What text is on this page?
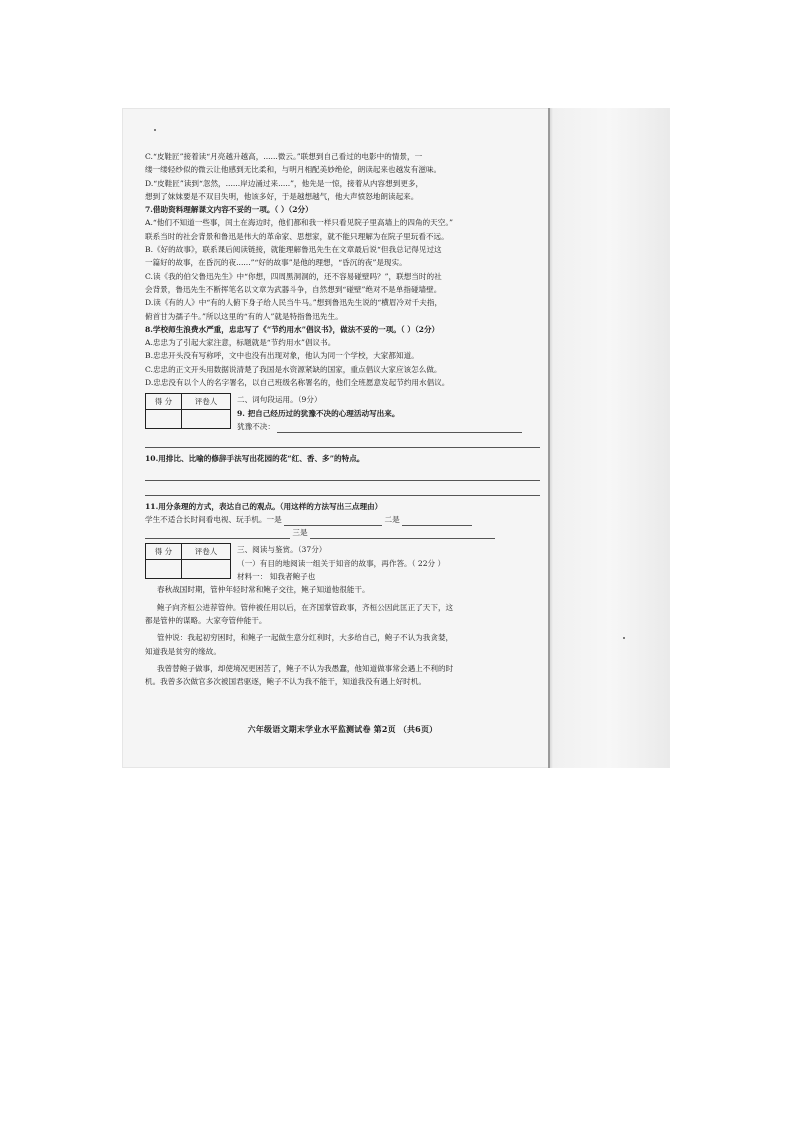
C.“皮鞋匠”接着读“月亮越升越高，......微云。”联想到自己看过的电影中的情景，一
缕一缕轻纱似的微云让他感到无比柔和，与明月相配美妙绝伦，朗读起来也越发有滋味。
D.“皮鞋匠”读到“忽然，......岸边涌过来.....”，他先是一惊，接着从内容想到更多，
想到了妹妹要是不双目失明，他该多好，于是越想越气，他大声愤怒地朗读起来。
7.借助资料理解课文内容不妥的一项。（ ）（2分）
A.“他们不知道一些事，闰土在海边时，他们都和我一样只看见院子里高墙上的四角的天空。”
联系当时的社会背景和鲁迅是伟大的革命家、思想家，就不能只理解为在院子里玩看不远。
B.《好的故事》，联系课后阅读链接，就能理解鲁迅先生在文章最后说“但我总记得见过这
一篇好的故事，在昏沉的夜......”“好的故事”是他的理想，“昏沉的夜”是现实。
C.读《我的伯父鲁迅先生》中“你想，四周黑洞洞的，还不容易碰壁吗？”，联想当时的社
会背景，鲁迅先生不断挥笔名以文章为武器斗争，自然想到“碰壁”绝对不是单指碰墙壁。
D.读《有的人》中“有的人俯下身子给人民当牛马。”想到鲁迅先生说的“横眉冷对千夫指，
俯首甘为孺子牛。”所以这里的“有的人”就是特指鲁迅先生。
8.学校师生浪费水严重，忠忠写了《“节约用水”倡议书》，做法不妥的一项。（ ）（2分）
A.忠忠为了引起大家注意，标题就是“节约用水”倡议书。
B.忠忠开头没有写称呼，文中也没有出现对象，他认为同一个学校，大家都知道。
C.忠忠的正文开头用数据说清楚了我国是水资源紧缺的国家，重点倡议大家应该怎么做。
D.忠忠没有以个人的名字署名，以自己班级名称署名的，他们全班愿意发起节约用水倡议。
得 分	评卷人	二、词句段运用。（9分）
9. 把自己经历过的犹豫不决的心理活动写出来。
犹豫不决：
10.用排比、比喻的修辞手法写出花园的花“红、香、多”的特点。
11.用分条理的方式，表达自己的观点。（用这样的方法写出三点理由）
学生不适合长时间看电视、玩手机。一是	二是
三是
得 分	评卷人	三、阅读与鉴赏。（37分）
（一）有目的地阅读一组关于知音的故事，再作答。（ 22分 ）
材料一： 知我者鲍子也
春秋战国时期，管仲年轻时常和鲍子交往，鲍子知道他很能干。
鲍子向齐桓公进荐管仲。管仲被任用以后，在齐国掌管政事，齐桓公因此匡正了天下，这
都是管仲的谋略。大家夸管仲能干。
管仲说：我起初穷困时，和鲍子一起做生意分红利时，大多给自己，鲍子不认为我贪婪，
知道我是贫穷的缘故。
我曾替鲍子做事，却使境况更困苦了，鲍子不认为我愚蠢，他知道做事常会遇上不利的时
机。我曾多次做官多次被国君驱逐，鲍子不认为我不能干，知道我没有遇上好时机。
六年级语文期末学业水平监测试卷 第2页 （共6页）
